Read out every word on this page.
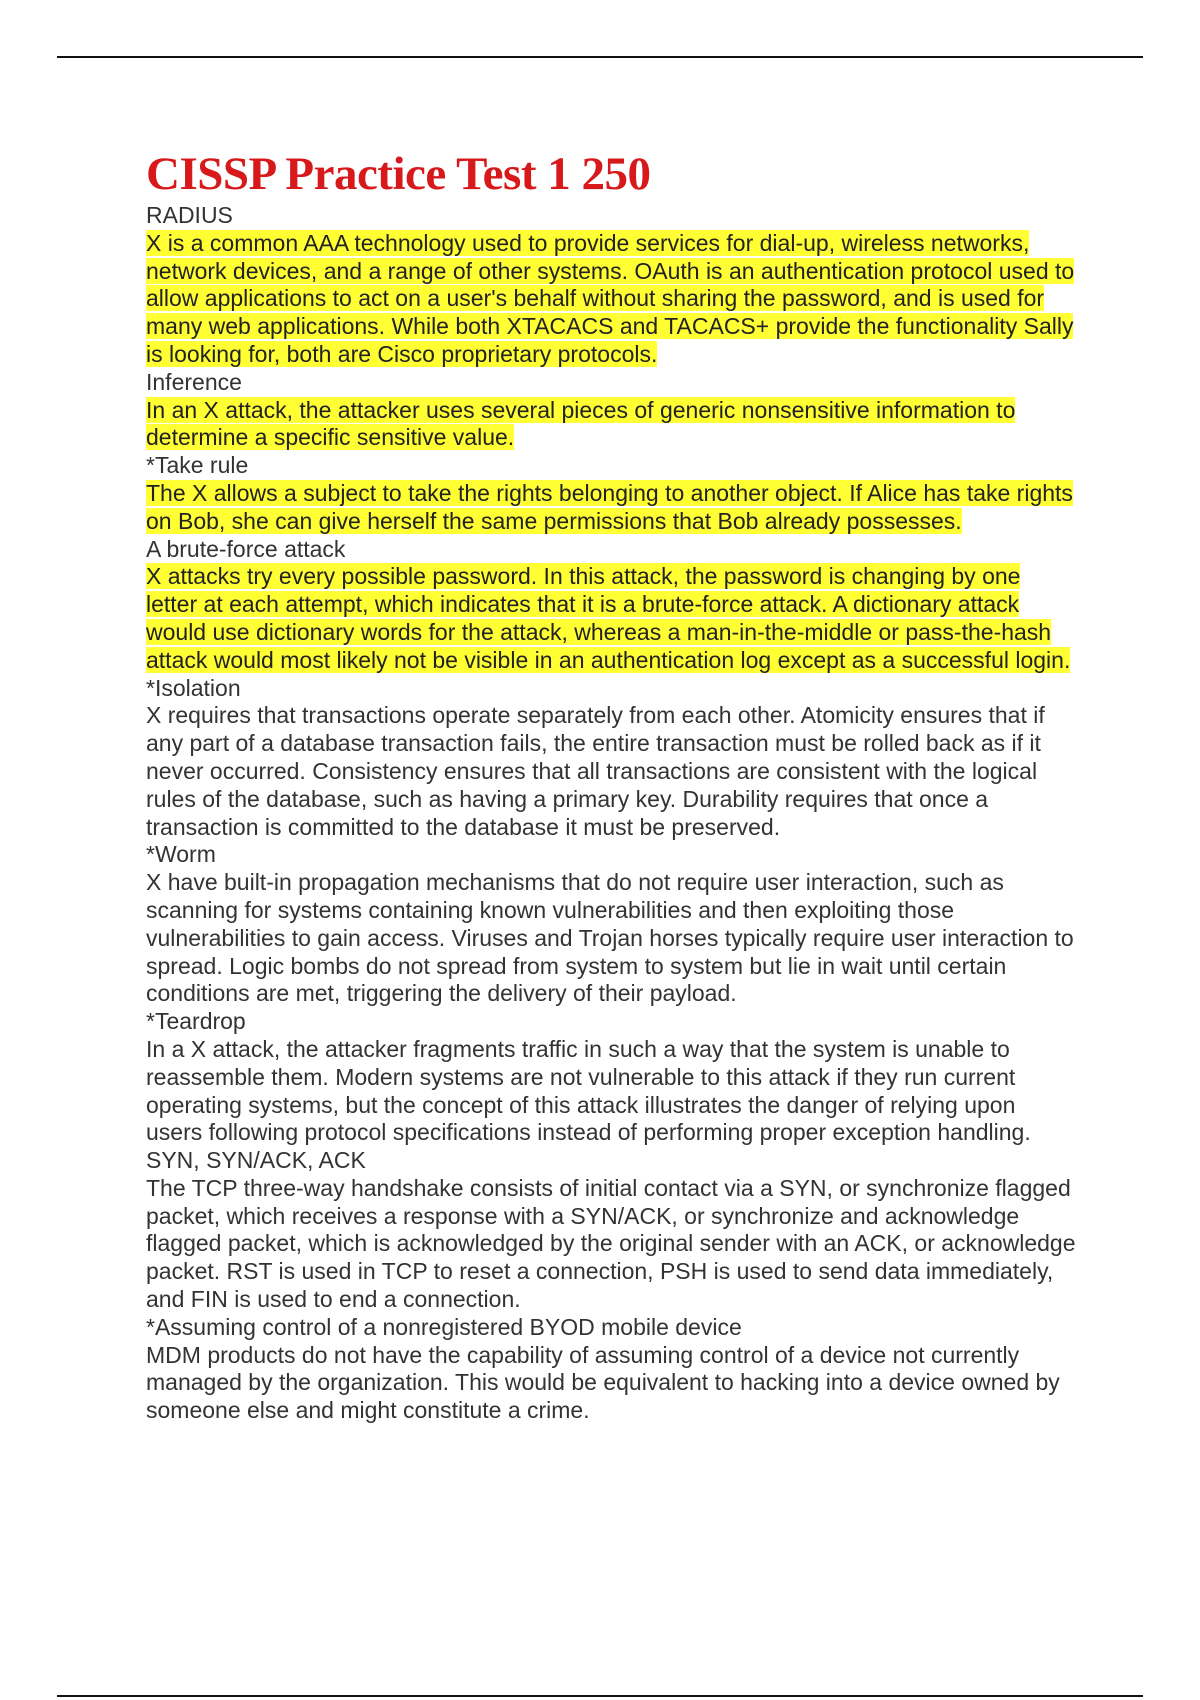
CISSP Practice Test 1 250

RADIUS

X is a common AAA technology used to provide services for dial-up, wireless networks, network devices, and a range of other systems. OAuth is an authentication protocol used to allow applications to act on a user's behalf without sharing the password, and is used for many web applications. While both XTACACS and TACACS+ provide the functionality Sally is looking for, both are Cisco proprietary protocols.

Inference

In an X attack, the attacker uses several pieces of generic nonsensitive information to determine a specific sensitive value.

*Take rule

The X allows a subject to take the rights belonging to another object. If Alice has take rights on Bob, she can give herself the same permissions that Bob already possesses.

A brute-force attack

X attacks try every possible password. In this attack, the password is changing by one letter at each attempt, which indicates that it is a brute-force attack. A dictionary attack would use dictionary words for the attack, whereas a man-in-the-middle or pass-the-hash attack would most likely not be visible in an authentication log except as a successful login.

*Isolation

X requires that transactions operate separately from each other. Atomicity ensures that if any part of a database transaction fails, the entire transaction must be rolled back as if it never occurred. Consistency ensures that all transactions are consistent with the logical rules of the database, such as having a primary key. Durability requires that once a transaction is committed to the database it must be preserved.

*Worm

X have built-in propagation mechanisms that do not require user interaction, such as scanning for systems containing known vulnerabilities and then exploiting those vulnerabilities to gain access. Viruses and Trojan horses typically require user interaction to spread. Logic bombs do not spread from system to system but lie in wait until certain conditions are met, triggering the delivery of their payload.

*Teardrop

In a X attack, the attacker fragments traffic in such a way that the system is unable to reassemble them. Modern systems are not vulnerable to this attack if they run current operating systems, but the concept of this attack illustrates the danger of relying upon users following protocol specifications instead of performing proper exception handling.

SYN, SYN/ACK, ACK

The TCP three-way handshake consists of initial contact via a SYN, or synchronize flagged packet, which receives a response with a SYN/ACK, or synchronize and acknowledge flagged packet, which is acknowledged by the original sender with an ACK, or acknowledge packet. RST is used in TCP to reset a connection, PSH is used to send data immediately, and FIN is used to end a connection.

*Assuming control of a nonregistered BYOD mobile device

MDM products do not have the capability of assuming control of a device not currently managed by the organization. This would be equivalent to hacking into a device owned by someone else and might constitute a crime.
